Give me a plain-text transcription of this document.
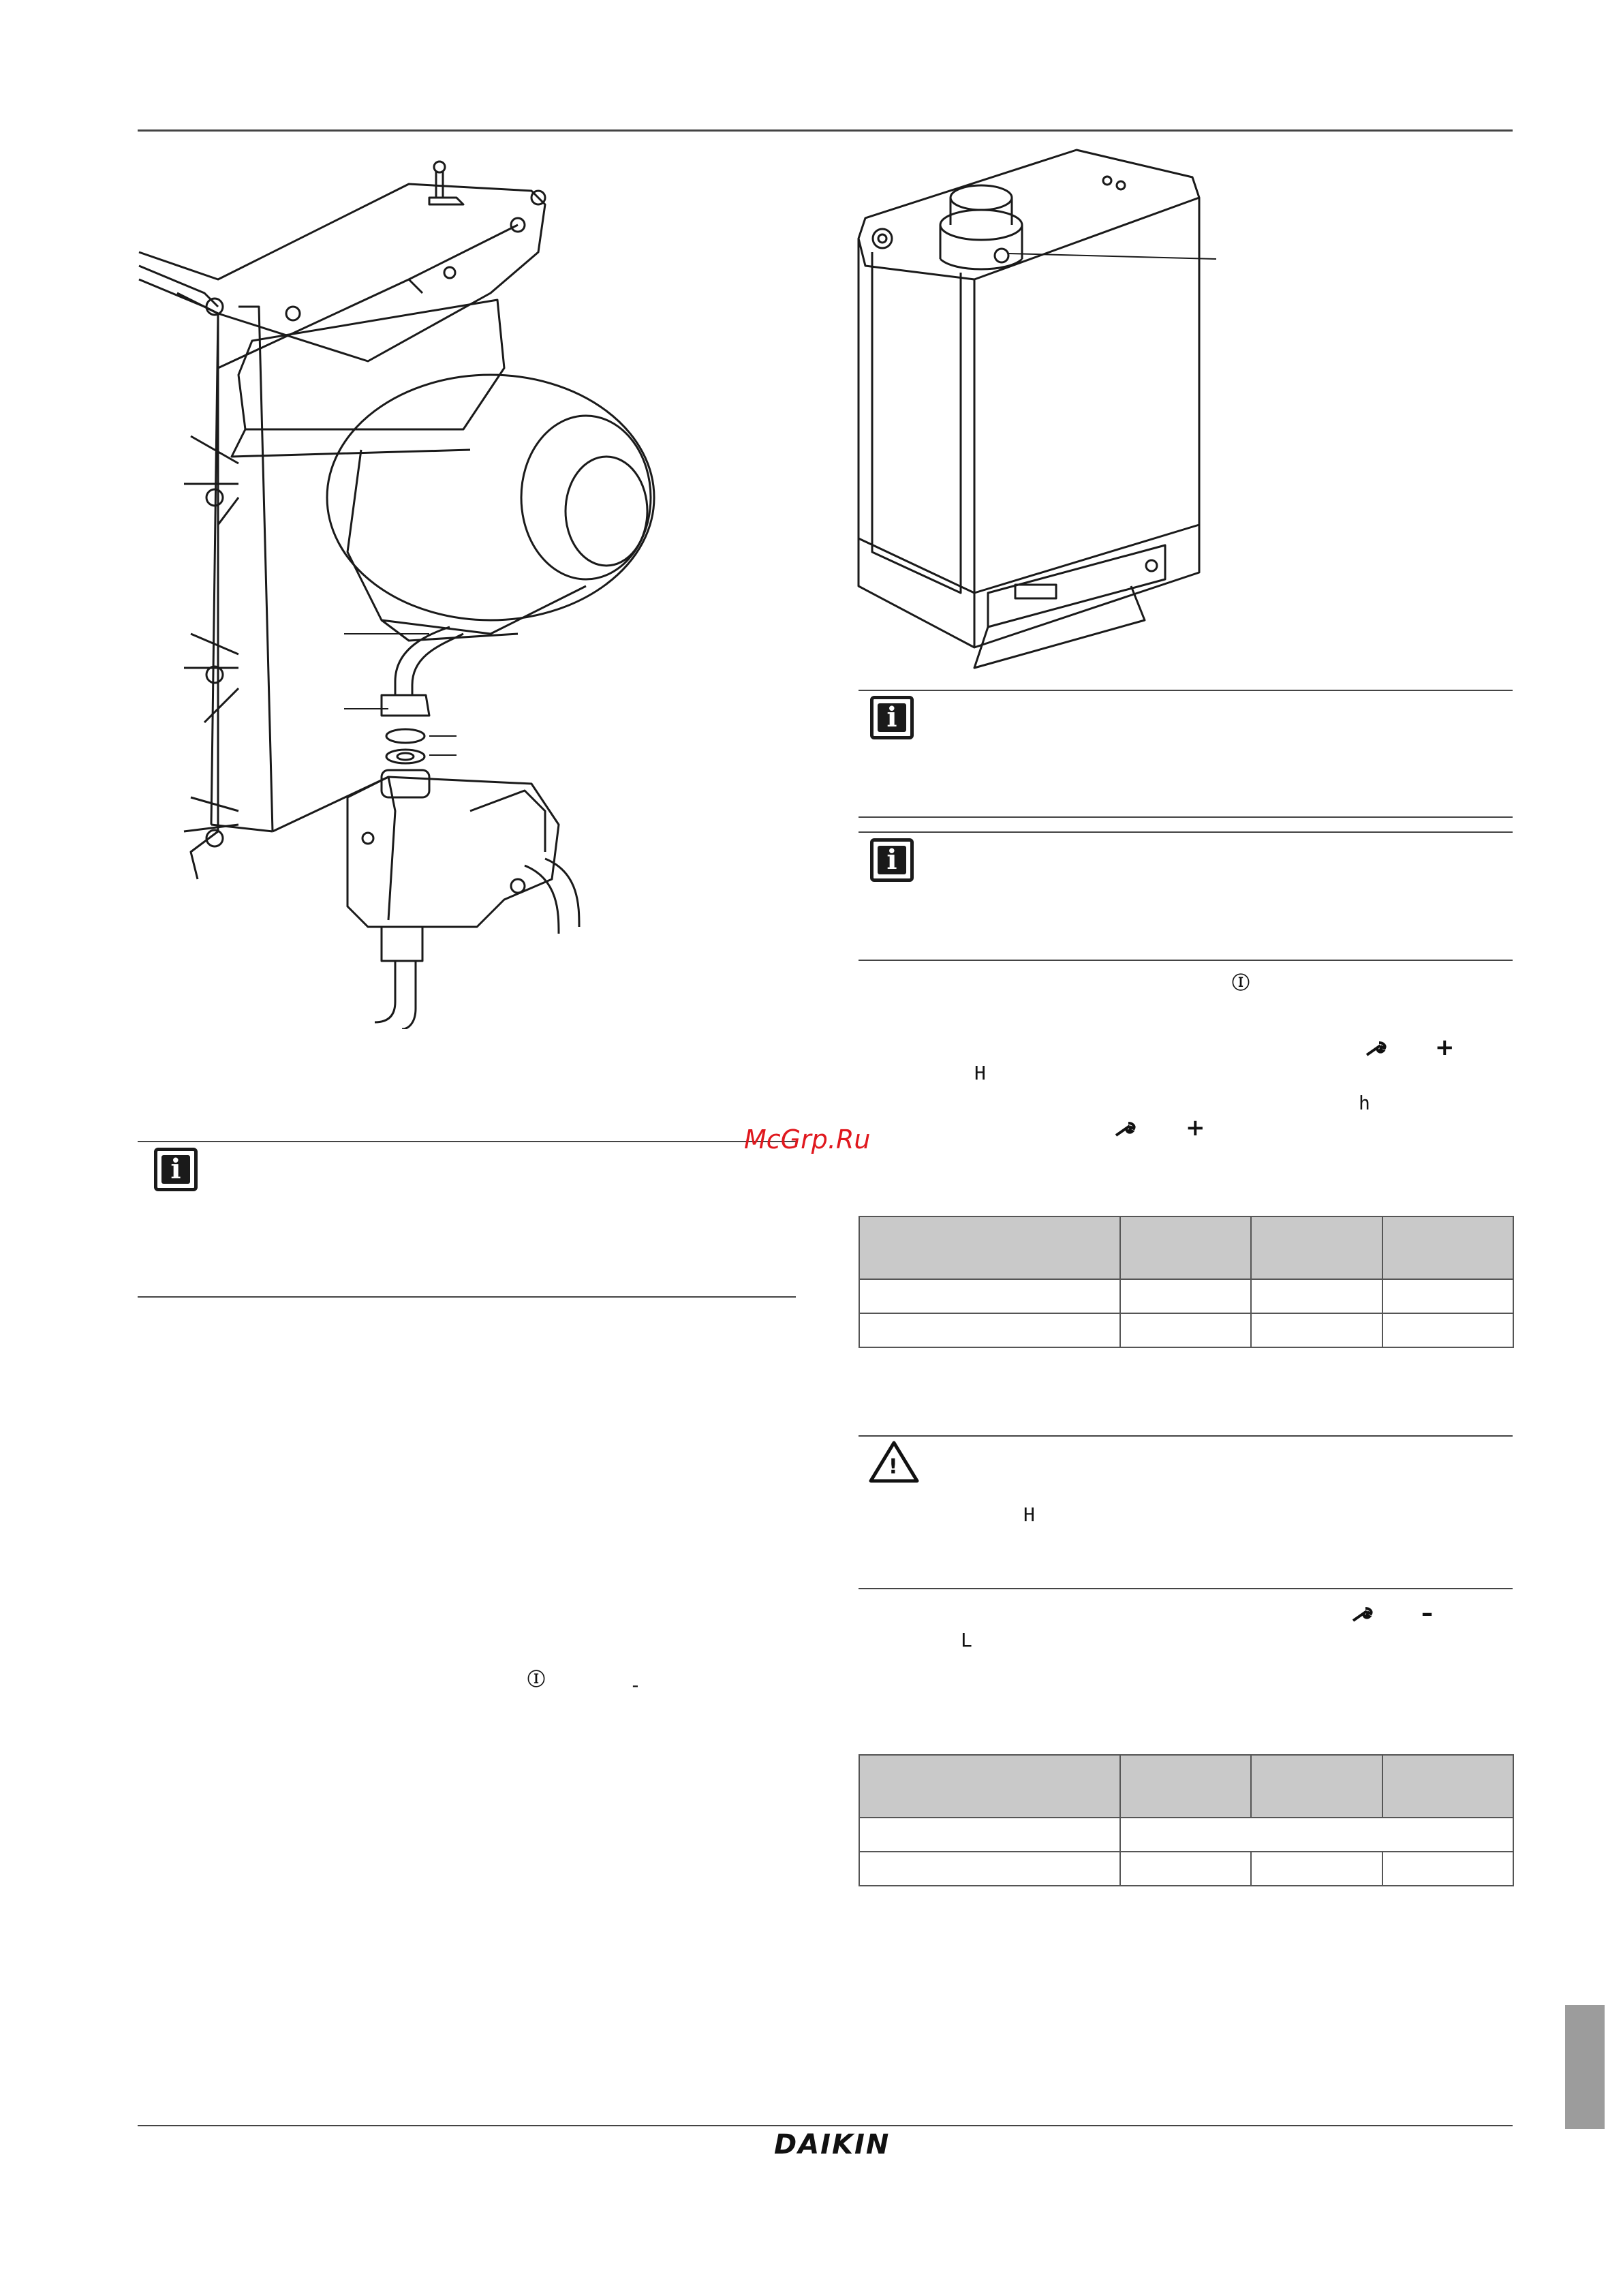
i
i
Ⓘ
+
H
h
+

!
H
–
L

i
Ⓘ	-
McGrp.Ru
DAIKIN
